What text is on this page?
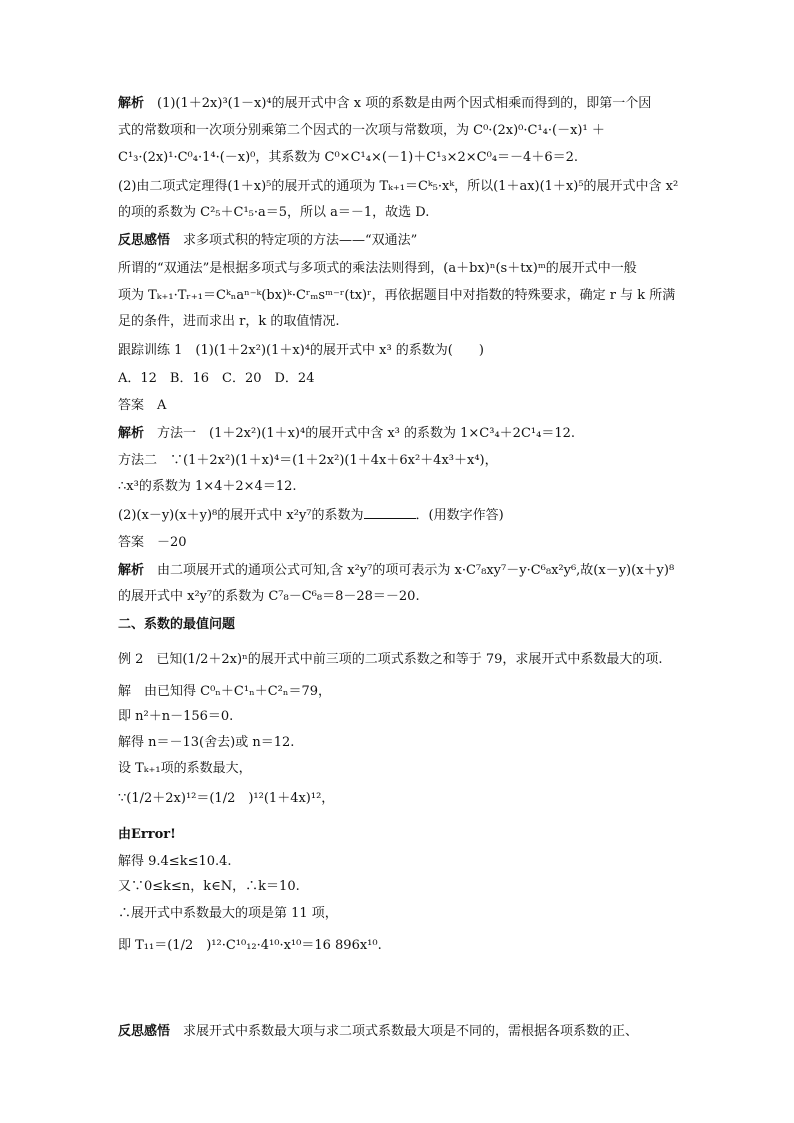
解析　(1)(1＋2x)³(1－x)⁴的展开式中含 x 项的系数是由两个因式相乘而得到的，即第一个因
式的常数项和一次项分别乘第二个因式的一次项与常数项，为 C⁰·(2x)⁰·C¹₄·(－x)¹ ＋
C¹₃·(2x)¹·C⁰₄·1⁴·(－x)⁰，其系数为 C⁰×C¹₄×(－1)＋C¹₃×2×C⁰₄＝－4＋6＝2.
(2)由二项式定理得(1＋x)⁵的展开式的通项为 Tₖ₊₁＝Cᵏ₅·xᵏ，所以(1＋ax)(1＋x)⁵的展开式中含 x²
的项的系数为 C²₅＋C¹₅·a＝5，所以 a＝－1，故选 D.
反思感悟　求多项式积的特定项的方法——“双通法”
所谓的“双通法”是根据多项式与多项式的乘法法则得到，(a＋bx)ⁿ(s＋tx)ᵐ的展开式中一般
项为 Tₖ₊₁·Tᵣ₊₁＝Cᵏₙaⁿ⁻ᵏ(bx)ᵏ·Cʳₘsᵐ⁻ʳ(tx)ʳ，再依据题目中对指数的特殊要求，确定 r 与 k 所满
足的条件，进而求出 r，k 的取值情况.
跟踪训练 1　(1)(1＋2x²)(1＋x)⁴的展开式中 x³ 的系数为(　　)
A．12　B．16　C．20　D．24
答案　A
解析　方法一　(1＋2x²)(1＋x)⁴的展开式中含 x³ 的系数为 1×C³₄＋2C¹₄＝12.
方法二　∵(1＋2x²)(1＋x)⁴＝(1＋2x²)(1＋4x＋6x²＋4x³＋x⁴)，
∴x³的系数为 1×4＋2×4＝12.
(2)(x－y)(x＋y)⁸的展开式中 x²y⁷的系数为	．(用数字作答)
答案　－20
解析　由二项展开式的通项公式可知,含 x²y⁷的项可表示为 x·C⁷₈xy⁷－y·C⁶₈x²y⁶,故(x－y)(x＋y)⁸
的展开式中 x²y⁷的系数为 C⁷₈－C⁶₈＝8－28＝－20.
二、系数的最值问题
例 2　已知(1/2＋2x)ⁿ的展开式中前三项的二项式系数之和等于 79，求展开式中系数最大的项.
解　由已知得 C⁰ₙ＋C¹ₙ＋C²ₙ＝79，
即 n²＋n－156＝0.
解得 n＝－13(舍去)或 n＝12.
设 Tₖ₊₁项的系数最大，
∵(1/2＋2x)¹²＝(1/2　)¹²(1＋4x)¹²，
由Error!
解得 9.4≤k≤10.4.
又∵0≤k≤n，k∈N，∴k＝10.
∴展开式中系数最大的项是第 11 项，
即 T₁₁＝(1/2　)¹²·C¹⁰₁₂·4¹⁰·x¹⁰＝16 896x¹⁰.
反思感悟　求展开式中系数最大项与求二项式系数最大项是不同的，需根据各项系数的正、
